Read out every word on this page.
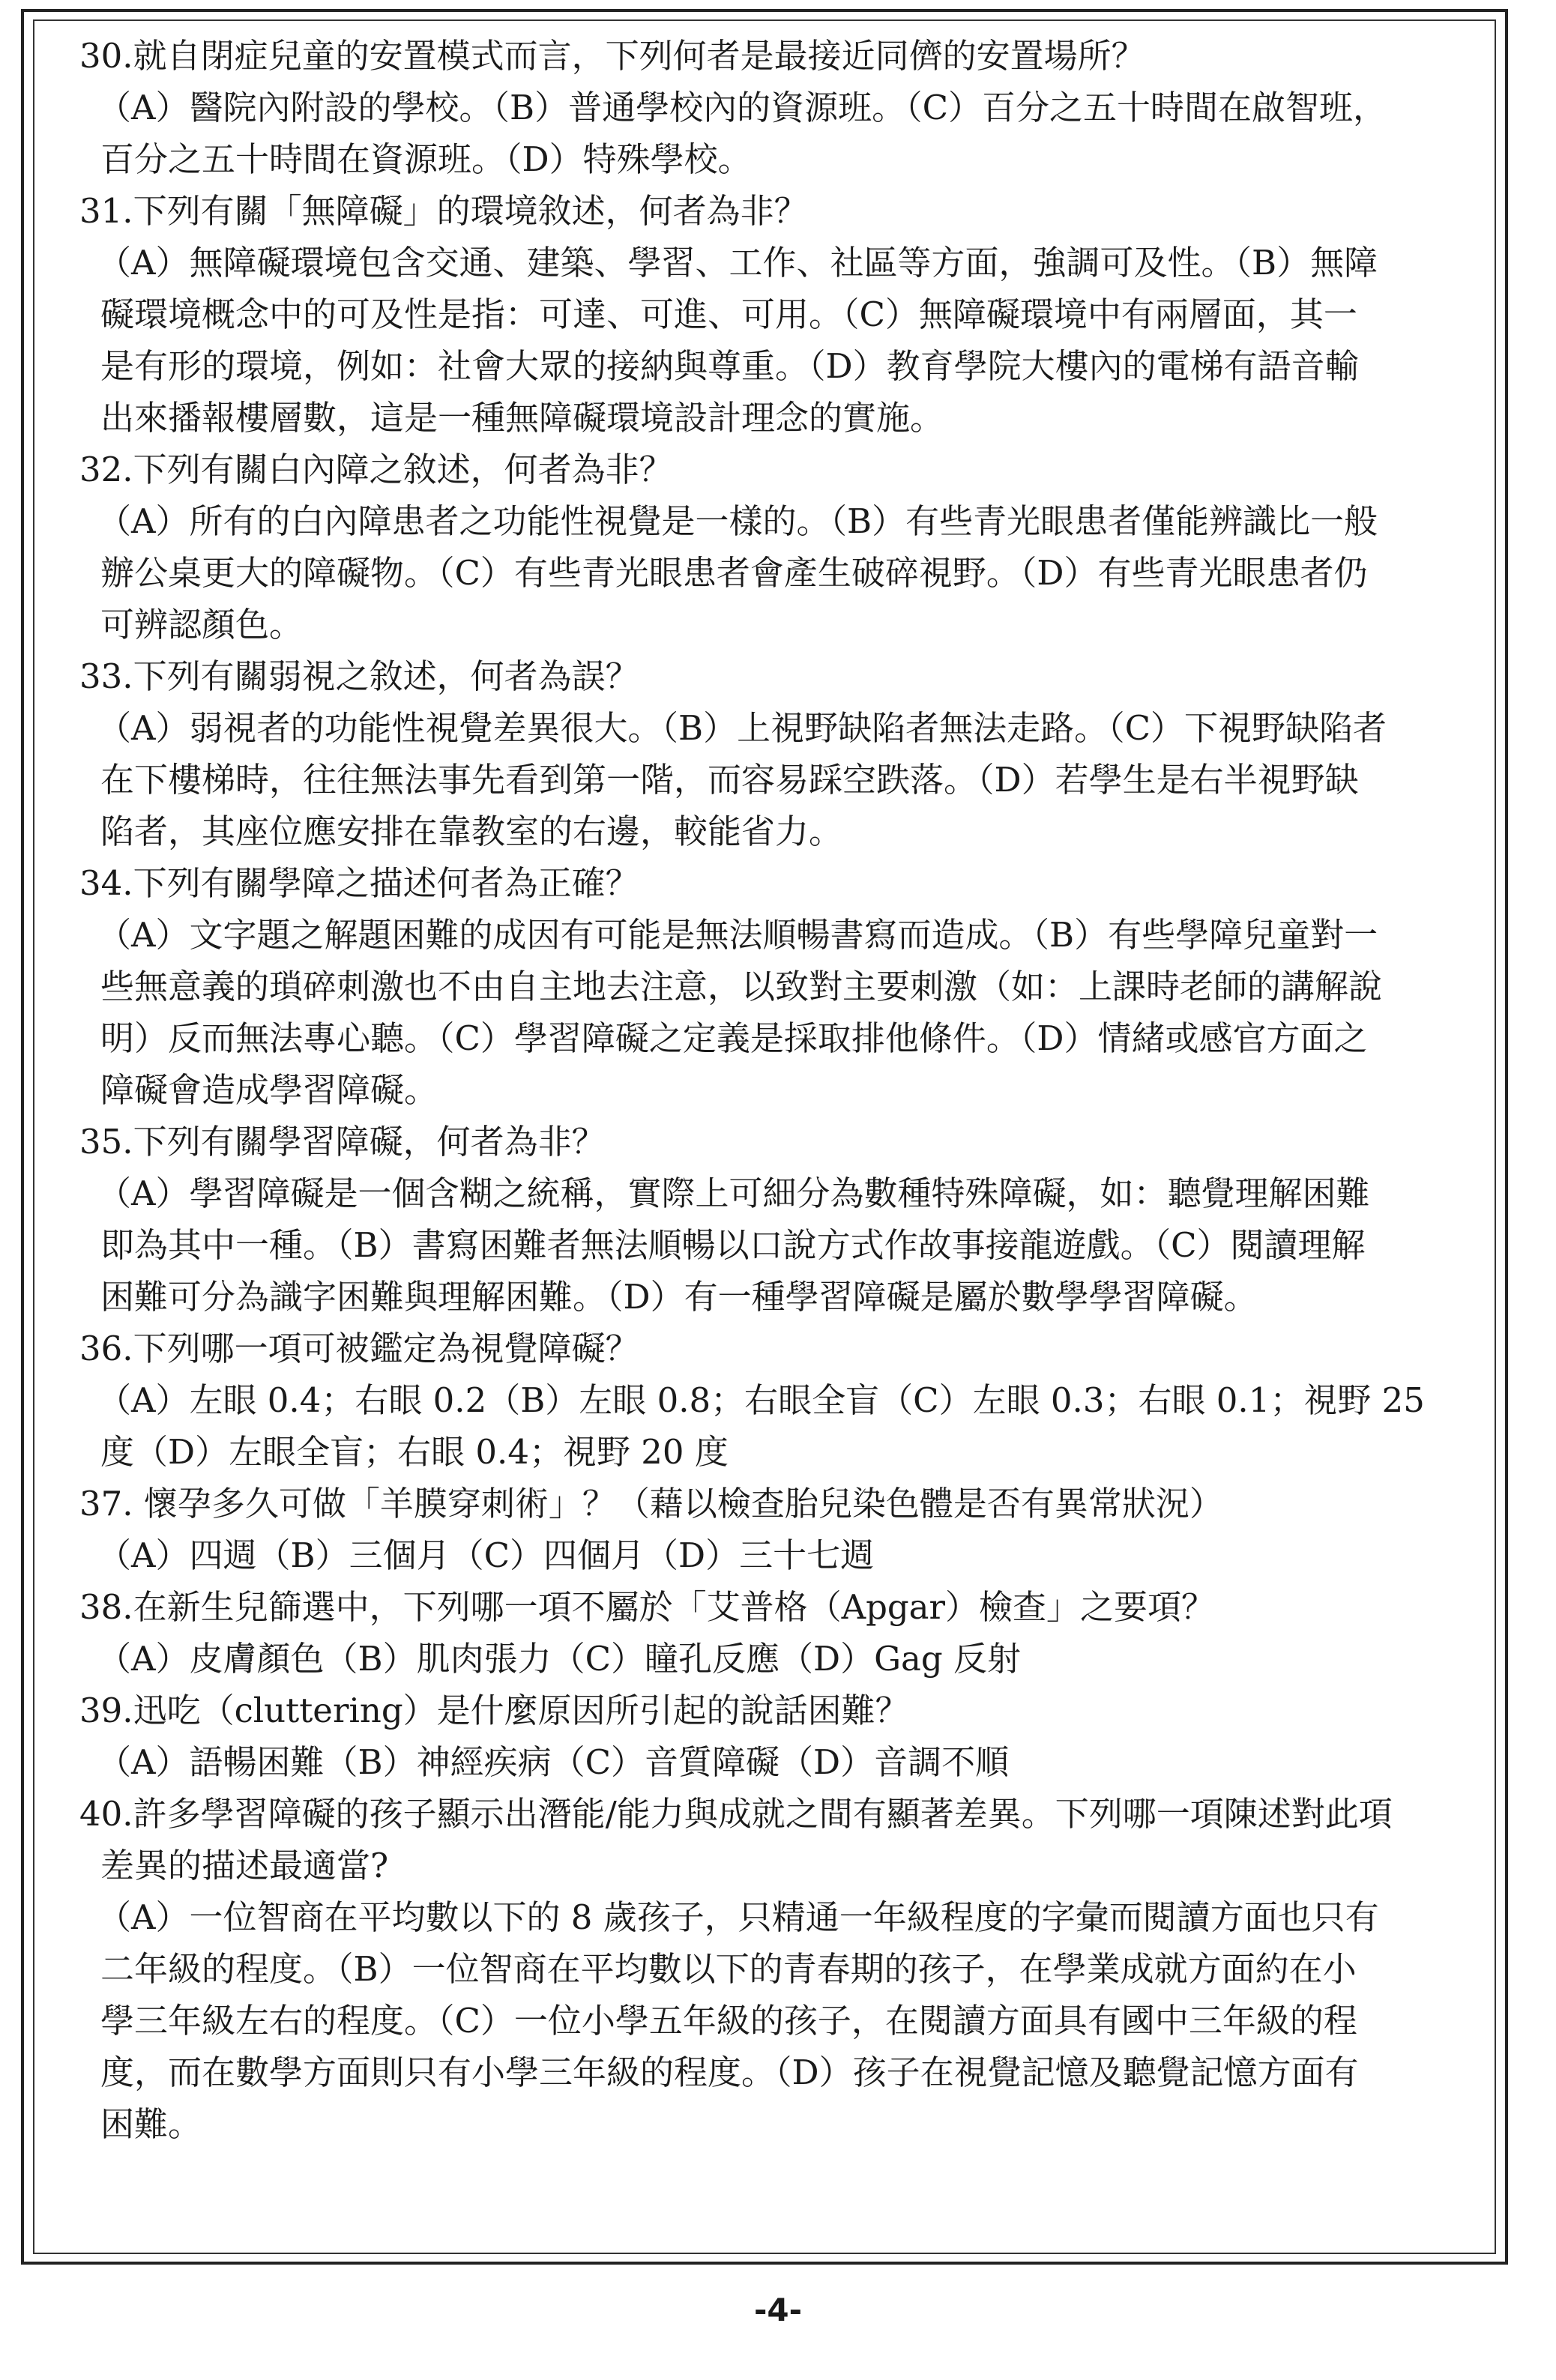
30.就自閉症兒童的安置模式而言，下列何者是最接近同儕的安置場所？
（A）醫院內附設的學校。（B）普通學校內的資源班。（C）百分之五十時間在啟智班，
百分之五十時間在資源班。（D）特殊學校。
31.下列有關「無障礙」的環境敘述，何者為非？
（A）無障礙環境包含交通、建築、學習、工作、社區等方面，強調可及性。（B）無障
礙環境概念中的可及性是指：可達、可進、可用。（C）無障礙環境中有兩層面，其一
是有形的環境，例如：社會大眾的接納與尊重。（D）教育學院大樓內的電梯有語音輸
出來播報樓層數，這是一種無障礙環境設計理念的實施。
32.下列有關白內障之敘述，何者為非？
（A）所有的白內障患者之功能性視覺是一樣的。（B）有些青光眼患者僅能辨識比一般
辦公桌更大的障礙物。（C）有些青光眼患者會產生破碎視野。（D）有些青光眼患者仍
可辨認顏色。
33.下列有關弱視之敘述，何者為誤？
（A）弱視者的功能性視覺差異很大。（B）上視野缺陷者無法走路。（C）下視野缺陷者
在下樓梯時，往往無法事先看到第一階，而容易踩空跌落。（D）若學生是右半視野缺
陷者，其座位應安排在靠教室的右邊，較能省力。
34.下列有關學障之描述何者為正確？
（A）文字題之解題困難的成因有可能是無法順暢書寫而造成。（B）有些學障兒童對一
些無意義的瑣碎刺激也不由自主地去注意，以致對主要刺激（如：上課時老師的講解說
明）反而無法專心聽。（C）學習障礙之定義是採取排他條件。（D）情緒或感官方面之
障礙會造成學習障礙。
35.下列有關學習障礙，何者為非？
（A）學習障礙是一個含糊之統稱，實際上可細分為數種特殊障礙，如：聽覺理解困難
即為其中一種。（B）書寫困難者無法順暢以口說方式作故事接龍遊戲。（C）閱讀理解
困難可分為識字困難與理解困難。（D）有一種學習障礙是屬於數學學習障礙。
36.下列哪一項可被鑑定為視覺障礙？
（A）左眼 0.4；右眼 0.2（B）左眼 0.8；右眼全盲（C）左眼 0.3；右眼 0.1；視野 25
度（D）左眼全盲；右眼 0.4；視野 20 度
37. 懷孕多久可做「羊膜穿刺術」？（藉以檢查胎兒染色體是否有異常狀況）
（A）四週（B）三個月（C）四個月（D）三十七週
38.在新生兒篩選中，下列哪一項不屬於「艾普格（Apgar）檢查」之要項？
（A）皮膚顏色（B）肌肉張力（C）瞳孔反應（D）Gag 反射
39.迅吃（cluttering）是什麼原因所引起的說話困難？
（A）語暢困難（B）神經疾病（C）音質障礙（D）音調不順
40.許多學習障礙的孩子顯示出潛能/能力與成就之間有顯著差異。下列哪一項陳述對此項
差異的描述最適當?
（A）一位智商在平均數以下的 8 歲孩子，只精通一年級程度的字彙而閱讀方面也只有
二年級的程度。（B）一位智商在平均數以下的青春期的孩子，在學業成就方面約在小
學三年級左右的程度。（C）一位小學五年級的孩子，在閱讀方面具有國中三年級的程
度，而在數學方面則只有小學三年級的程度。（D）孩子在視覺記憶及聽覺記憶方面有
困難。
-4-
